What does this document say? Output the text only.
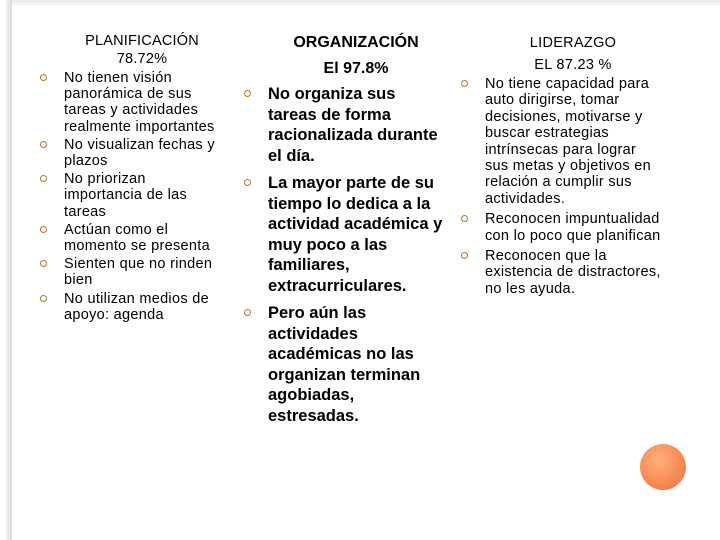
PLANIFICACIÓN
78.72%
No tienen visión panorámica de sus tareas y actividades realmente importantes
No visualizan fechas y plazos
No priorizan importancia de las tareas
Actúan como el momento se presenta
Sienten que no rinden bien
No utilizan medios de apoyo: agenda
ORGANIZACIÓN
El 97.8%
No organiza sus tareas de forma racionalizada durante el día.
La mayor parte de su tiempo lo dedica a la actividad académica y muy poco a las familiares, extracurriculares.
Pero aún las actividades académicas no las organizan terminan agobiadas, estresadas.
LIDERAZGO
EL 87.23 %
No tiene capacidad para auto dirigirse, tomar decisiones, motivarse y buscar estrategias intrínsecas para lograr sus metas y objetivos en relación a cumplir sus actividades.
Reconocen impuntualidad con lo poco que planifican
Reconocen que la existencia de distractores, no les ayuda.
